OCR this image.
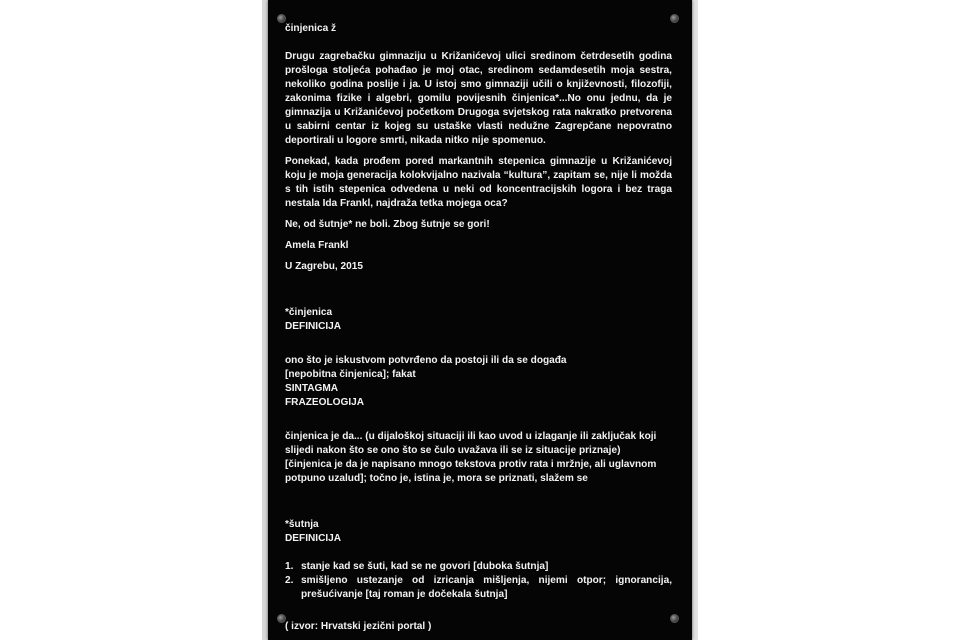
činjenica ž

Drugu zagrebačku gimnaziju u Križanićevoj ulici sredinom četrdesetih godina prošloga stoljeća pohađao je moj otac, sredinom sedamdesetih moja sestra, nekoliko godina poslije i ja. U istoj smo gimnaziji učili o književnosti, filozofiji, zakonima fizike i algebri, gomilu povijesnih činjenica*...No onu jednu, da je gimnazija u Križanićevoj početkom Drugoga svjetskog rata nakratko pretvorena u sabirni centar iz kojeg su ustaške vlasti nedužne Zagrepčane nepovratno deportirali u logore smrti, nikada nitko nije spomenuo.

Ponekad, kada prođem pored markantnih stepenica gimnazije u Križanićevoj koju je moja generacija kolokvijalno nazivala “kultura”, zapitam se, nije li možda s tih istih stepenica odvedena u neki od koncentracijskih logora i bez traga nestala Ida Frankl, najdraža tetka mojega oca?

Ne, od šutnje* ne boli. Zbog šutnje se gori!

Amela Frankl

U Zagrebu, 2015

*činjenica

DEFINICIJA

ono što je iskustvom potvrđeno da postoji ili da se događa

[nepobitna činjenica]; fakat

SINTAGMA

FRAZEOLOGIJA

činjenica je da... (u dijaloškoj situaciji ili kao uvod u izlaganje ili zaključak koji slijedi nakon što se ono što se čulo uvažava ili se iz situacije priznaje)

[činjenica je da je napisano mnogo tekstova protiv rata i mržnje, ali uglavnom potpuno uzalud]; točno je, istina je, mora se priznati, slažem se

*šutnja

DEFINICIJA

1. stanje kad se šuti, kad se ne govori [duboka šutnja]
2. smišljeno ustezanje od izricanja mišljenja, nijemi otpor; ignorancija, prešućivanje [taj roman je dočekala šutnja]

( izvor: Hrvatski jezični portal )
